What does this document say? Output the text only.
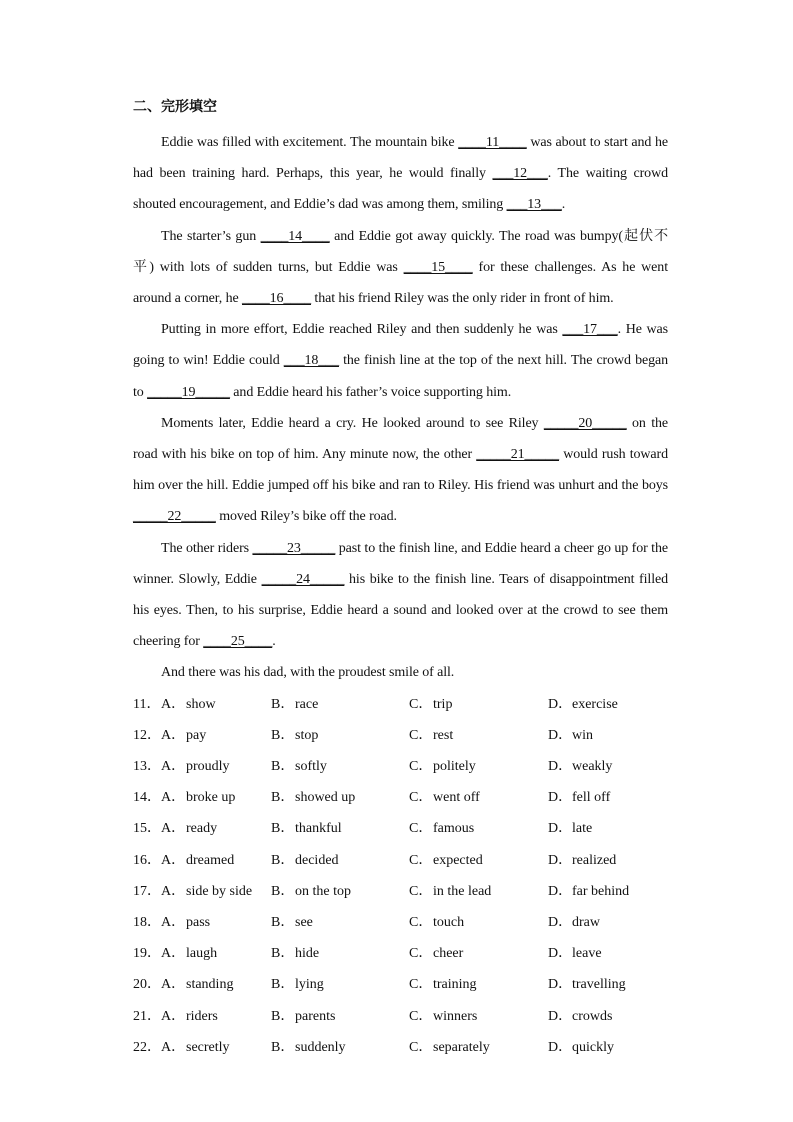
二、完形填空

Eddie was filled with excitement. The mountain bike ____11____ was about to start and he had been training hard. Perhaps, this year, he would finally ___12___. The waiting crowd shouted encouragement, and Eddie’s dad was among them, smiling ___13___.

The starter’s gun ____14____ and Eddie got away quickly. The road was bumpy(起伏不平) with lots of sudden turns, but Eddie was ____15____ for these challenges. As he went around a corner, he ____16____ that his friend Riley was the only rider in front of him.

Putting in more effort, Eddie reached Riley and then suddenly he was ___17___. He was going to win! Eddie could ___18___ the finish line at the top of the next hill. The crowd began to _____19_____ and Eddie heard his father’s voice supporting him.

Moments later, Eddie heard a cry. He looked around to see Riley _____20_____ on the road with his bike on top of him. Any minute now, the other _____21_____ would rush toward him over the hill. Eddie jumped off his bike and ran to Riley. His friend was unhurt and the boys _____22_____ moved Riley’s bike off the road.

The other riders _____23_____ past to the finish line, and Eddie heard a cheer go up for the winner. Slowly, Eddie _____24_____ his bike to the finish line. Tears of disappointment filled his eyes. Then, to his surprise, Eddie heard a sound and looked over at the crowd to see them cheering for ____25____.

And there was his dad, with the proudest smile of all.

11． A． show	B． race	C． trip	D． exercise
12． A． pay	B． stop	C． rest	D． win
13． A． proudly	B． softly	C． politely	D． weakly
14． A． broke up	B． showed up	C． went off	D． fell off
15． A． ready	B． thankful	C． famous	D． late
16． A． dreamed	B． decided	C． expected	D． realized
17． A． side by side B． on the top	C． in the lead	D． far behind
18． A． pass	B． see	C． touch	D． draw
19． A． laugh	B． hide	C． cheer	D． leave
20． A． standing	B． lying	C． training	D． travelling
21． A． riders	B． parents	C． winners	D． crowds
22． A． secretly	B． suddenly	C． separately	D． quickly
